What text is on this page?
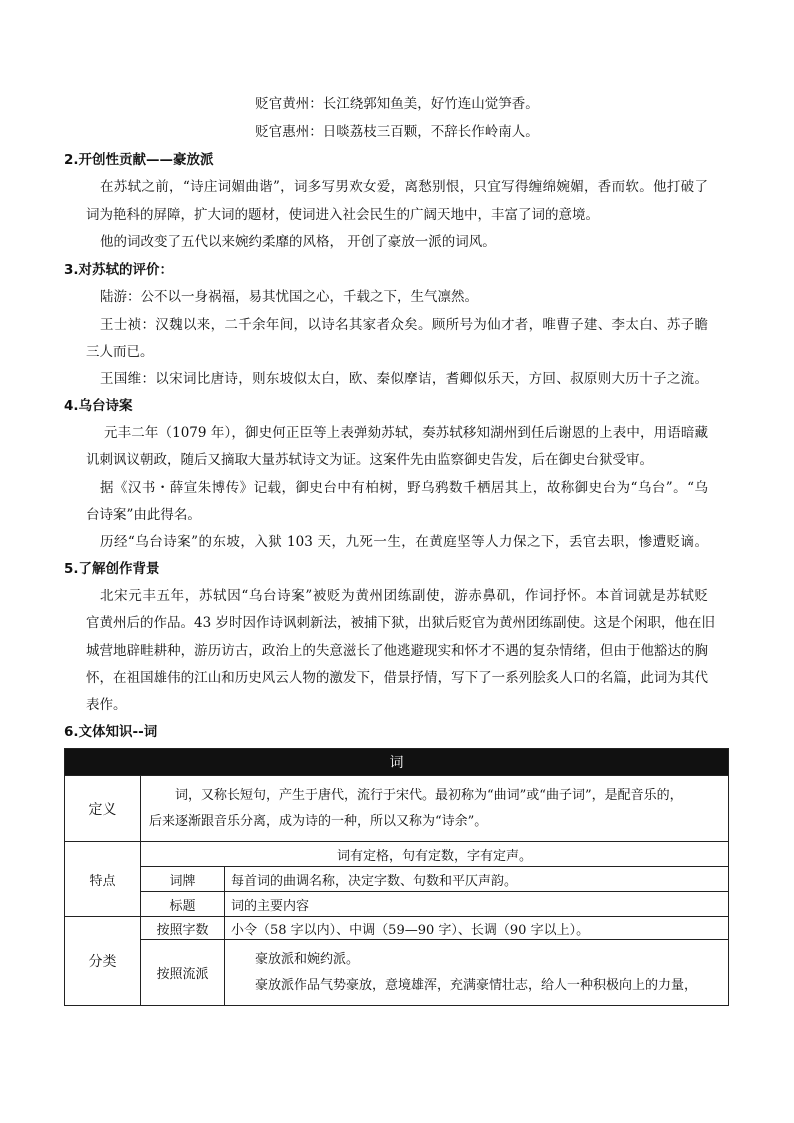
贬官黄州：长江绕郭知鱼美，好竹连山觉笋香。
贬官惠州：日啖荔枝三百颗，不辞长作岭南人。
2.开创性贡献——豪放派
在苏轼之前，“诗庄词媚曲谐”，词多写男欢女爱，离愁别恨，只宜写得缠绵婉媚，香而软。他打破了
词为艳科的屏障，扩大词的题材，使词进入社会民生的广阔天地中，丰富了词的意境。
他的词改变了五代以来婉约柔靡的风格， 开创了豪放一派的词风。
3.对苏轼的评价：
陆游：公不以一身祸福，易其忧国之心，千载之下，生气凛然。
王士祯：汉魏以来，二千余年间，以诗名其家者众矣。顾所号为仙才者，唯曹子建、李太白、苏子瞻
三人而已。
王国维：以宋词比唐诗，则东坡似太白，欧、秦似摩诘，耆卿似乐天，方回、叔原则大历十子之流。
4.乌台诗案
元丰二年（1079 年），御史何正臣等上表弹劾苏轼，奏苏轼移知湖州到任后谢恩的上表中，用语暗藏
讥刺讽议朝政，随后又摘取大量苏轼诗文为证。这案件先由监察御史告发，后在御史台狱受审。
据《汉书・薛宣朱博传》记载，御史台中有柏树，野乌鸦数千栖居其上，故称御史台为“乌台”。“乌
台诗案”由此得名。
历经“乌台诗案”的东坡，入狱 103 天，九死一生，在黄庭坚等人力保之下，丢官去职，惨遭贬谪。
5.了解创作背景
北宋元丰五年，苏轼因“乌台诗案”被贬为黄州团练副使，游赤鼻矶，作词抒怀。本首词就是苏轼贬
官黄州后的作品。43 岁时因作诗讽刺新法，被捕下狱，出狱后贬官为黄州团练副使。这是个闲职，他在旧
城营地辟畦耕种，游历访古，政治上的失意滋长了他逃避现实和怀才不遇的复杂情绪，但由于他豁达的胸
怀，在祖国雄伟的江山和历史风云人物的激发下，借景抒情，写下了一系列脍炙人口的名篇，此词为其代
表作。
6.文体知识--词
词		
定义	词，又称长短句，产生于唐代，流行于宋代。最初称为“曲词”或“曲子词”，是配音乐的，
后来逐渐跟音乐分离，成为诗的一种，所以又称为“诗余”。	

特点	词有定格，句有定数，字有定声。	
	词牌	每首词的曲调名称，决定字数、句数和平仄声韵。
	标题	词的主要内容
分类	按照字数	小令（58 字以内）、中调（59—90 字）、长调（90 字以上）。
	按照流派	豪放派和婉约派。
豪放派作品气势豪放，意境雄浑，充满豪情壮志，给人一种积极向上的力量，
